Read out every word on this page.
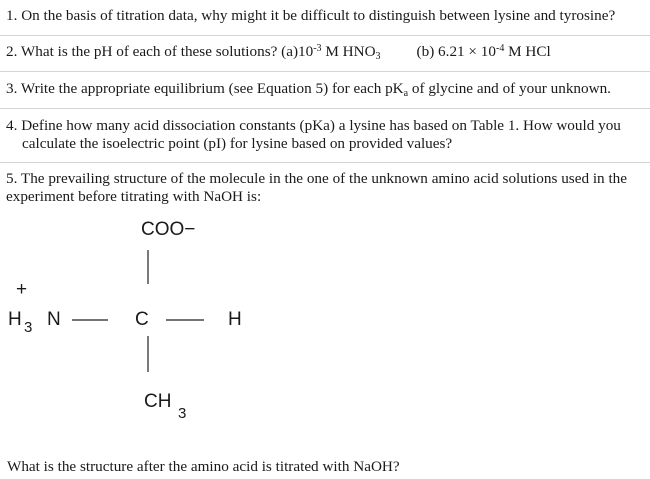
1. On the basis of titration data, why might it be difficult to distinguish between lysine and tyrosine?
2. What is the pH of each of these solutions? $(a)10^{-3}$ M $HNO_3$ (b) $6.21 \times 10^{-4}$ M HCl
3. Write the appropriate equilibrium (see Equation 5) for each $pK_a$ of glycine and of your unknown.
4. Define how many acid dissociation constants (pKa) a lysine has based on Table 1. How would you
calculate the isoelectric point (pI) for lysine based on provided values?
5. The prevailing structure of the molecule in the one of the unknown amino acid solutions used in the
experiment before titrating with NaOH is:
COO−
+
H 3 N	C	H
CH
3
What is the structure after the amino acid is titrated with NaOH?
